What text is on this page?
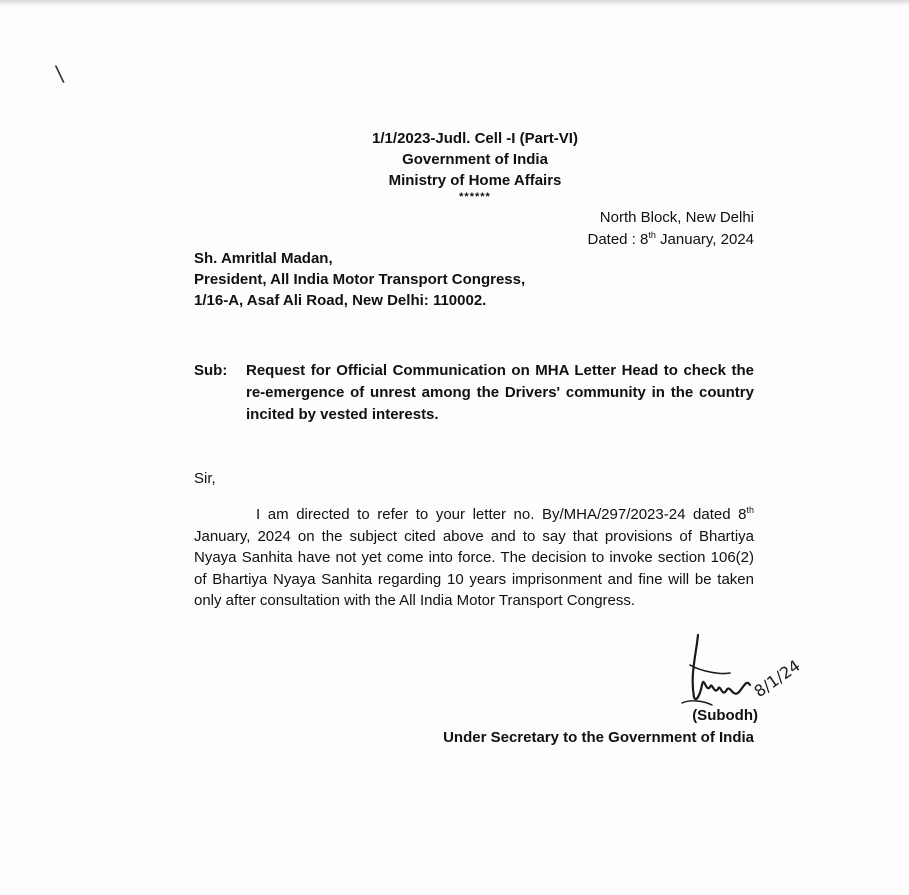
\
1/1/2023-Judl. Cell -I (Part-VI)
Government of India
Ministry of Home Affairs
******
North Block, New Delhi
Dated : 8th January, 2024
Sh. Amritlal Madan,
President, All India Motor Transport Congress,
1/16-A, Asaf Ali Road, New Delhi: 110002.
Sub:	Request for Official Communication on MHA Letter Head to check the re-emergence of unrest among the Drivers' community in the country incited by vested interests.
Sir,
I am directed to refer to your letter no. By/MHA/297/2023-24 dated 8th January, 2024 on the subject cited above and to say that provisions of Bhartiya Nyaya Sanhita have not yet come into force. The decision to invoke section 106(2) of Bhartiya Nyaya Sanhita regarding 10 years imprisonment and fine will be taken only after consultation with the All India Motor Transport Congress.
8/1/24
(Subodh)
Under Secretary to the Government of India
